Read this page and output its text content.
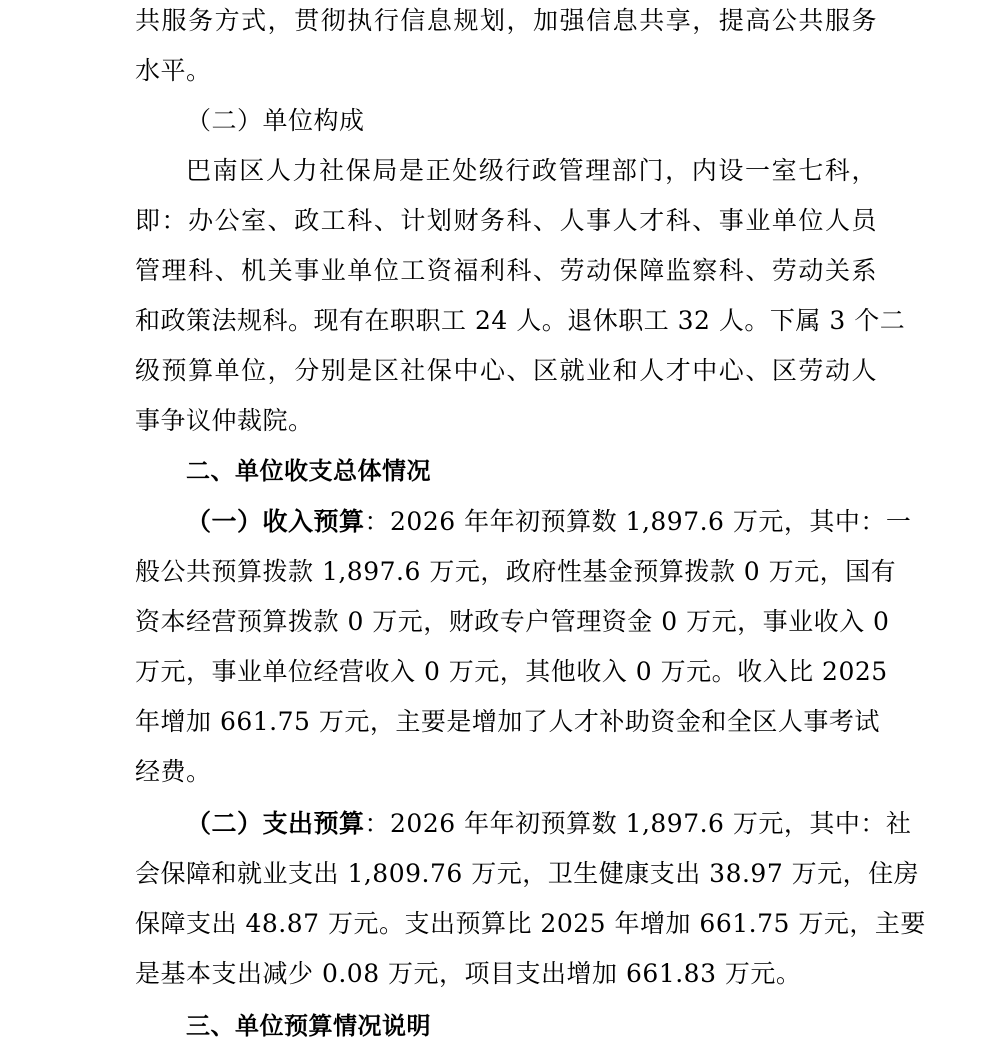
共服务方式，贯彻执行信息规划，加强信息共享，提高公共服务
水平。
（二）单位构成
巴南区人力社保局是正处级行政管理部门，内设一室七科，
即：办公室、政工科、计划财务科、人事人才科、事业单位人员
管理科、机关事业单位工资福利科、劳动保障监察科、劳动关系
和政策法规科。现有在职职工 24 人。退休职工 32 人。下属 3 个二
级预算单位，分别是区社保中心、区就业和人才中心、区劳动人
事争议仲裁院。
二、单位收支总体情况
（一）收入预算：2026 年年初预算数 1,897.6 万元，其中：一
般公共预算拨款 1,897.6 万元，政府性基金预算拨款 0 万元，国有
资本经营预算拨款 0 万元，财政专户管理资金 0 万元，事业收入 0
万元，事业单位经营收入 0 万元，其他收入 0 万元。收入比 2025
年增加 661.75 万元，主要是增加了人才补助资金和全区人事考试
经费。
（二）支出预算：2026 年年初预算数 1,897.6 万元，其中：社
会保障和就业支出 1,809.76 万元，卫生健康支出 38.97 万元，住房
保障支出 48.87 万元。支出预算比 2025 年增加 661.75 万元，主要
是基本支出减少 0.08 万元，项目支出增加 661.83 万元。
三、单位预算情况说明
